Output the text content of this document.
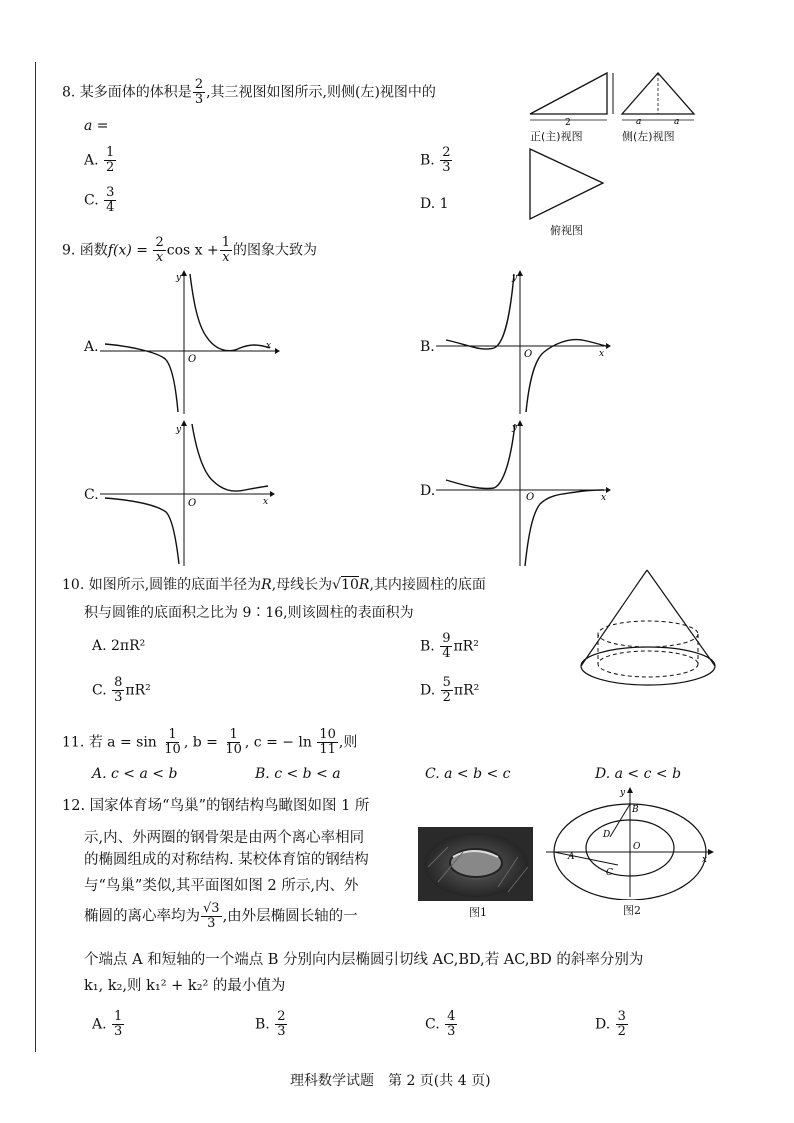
8. 某多面体的体积是 $\frac{2}{3}$ ,其三视图如图所示,则侧(左)视图中的
a =
A. $\frac{1}{2}$	B. $\frac{2}{3}$
C. $\frac{3}{4}$	D. 1
2
正(主)视图
a	a
侧(左)视图
俯视图
9. 函数$f(x) = \frac{2}{x}$ $\cos x + \frac{1}{x}$ 的图象大致为
A.
y
x
O
B.
y
x
O
C.
y
x
O
D.
y
x
O
10. 如图所示,圆锥的底面半径为R,母线长为√10R,其内接圆柱的底面
积与圆锥的底面积之比为 9∶16,则该圆柱的表面积为
A. 2πR²	B. $\frac{9}{4} \pi R^2$
C. $\frac{8}{3} \pi R^2$	D. $\frac{5}{2} \pi R^2$
11. 若 $a = \sin \frac{1}{10}$ , $b = \frac{1}{10}$ , c = − $\ln \frac{10}{11}$ ,则
A. c < a < b	B. c < b < a	C. a < b < c	D. a < c < b
12. 国家体育场“鸟巢”的钢结构鸟瞰图如图 1 所
示,内、外两圈的钢骨架是由两个离心率相同
的椭圆组成的对称结构. 某校体育馆的钢结构
与“鸟巢”类似,其平面图如图 2 所示,内、外
椭圆的离心率均为 $\frac{√3}{3}$ ,由外层椭圆长轴的一
个端点 A 和短轴的一个端点 B 分别向内层椭圆引切线 AC,BD,若 AC,BD 的斜率分别为
k₁, k₂,则 k₁² + k₂² 的最小值为
图1
y
x
B
D
A
C
O
图2
A. $\frac{1}{3}$	B. $\frac{2}{3}$	C. $\frac{4}{3}$	D. $\frac{3}{2}$
理科数学试题　第 2 页(共 4 页)
